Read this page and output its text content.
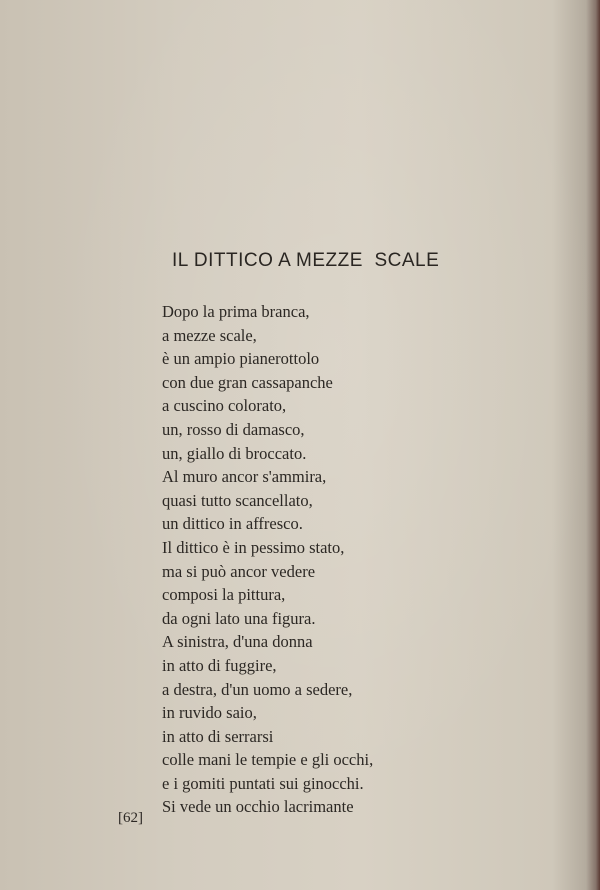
IL DITTICO A MEZZE  SCALE
Dopo la prima branca,
a mezze scale,
è un ampio pianerottolo
con due gran cassapanche
a cuscino colorato,
un, rosso di damasco,
un, giallo di broccato.
Al muro ancor s'ammira,
quasi tutto scancellato,
un dittico in affresco.
Il dittico è in pessimo stato,
ma si può ancor vedere
composi la pittura,
da ogni lato una figura.
A sinistra, d'una donna
in atto di fuggire,
a destra, d'un uomo a sedere,
in ruvido saio,
in atto di serrarsi
colle mani le tempie e gli occhi,
e i gomiti puntati sui ginocchi.
Si vede un occhio lacrimante
[62]
